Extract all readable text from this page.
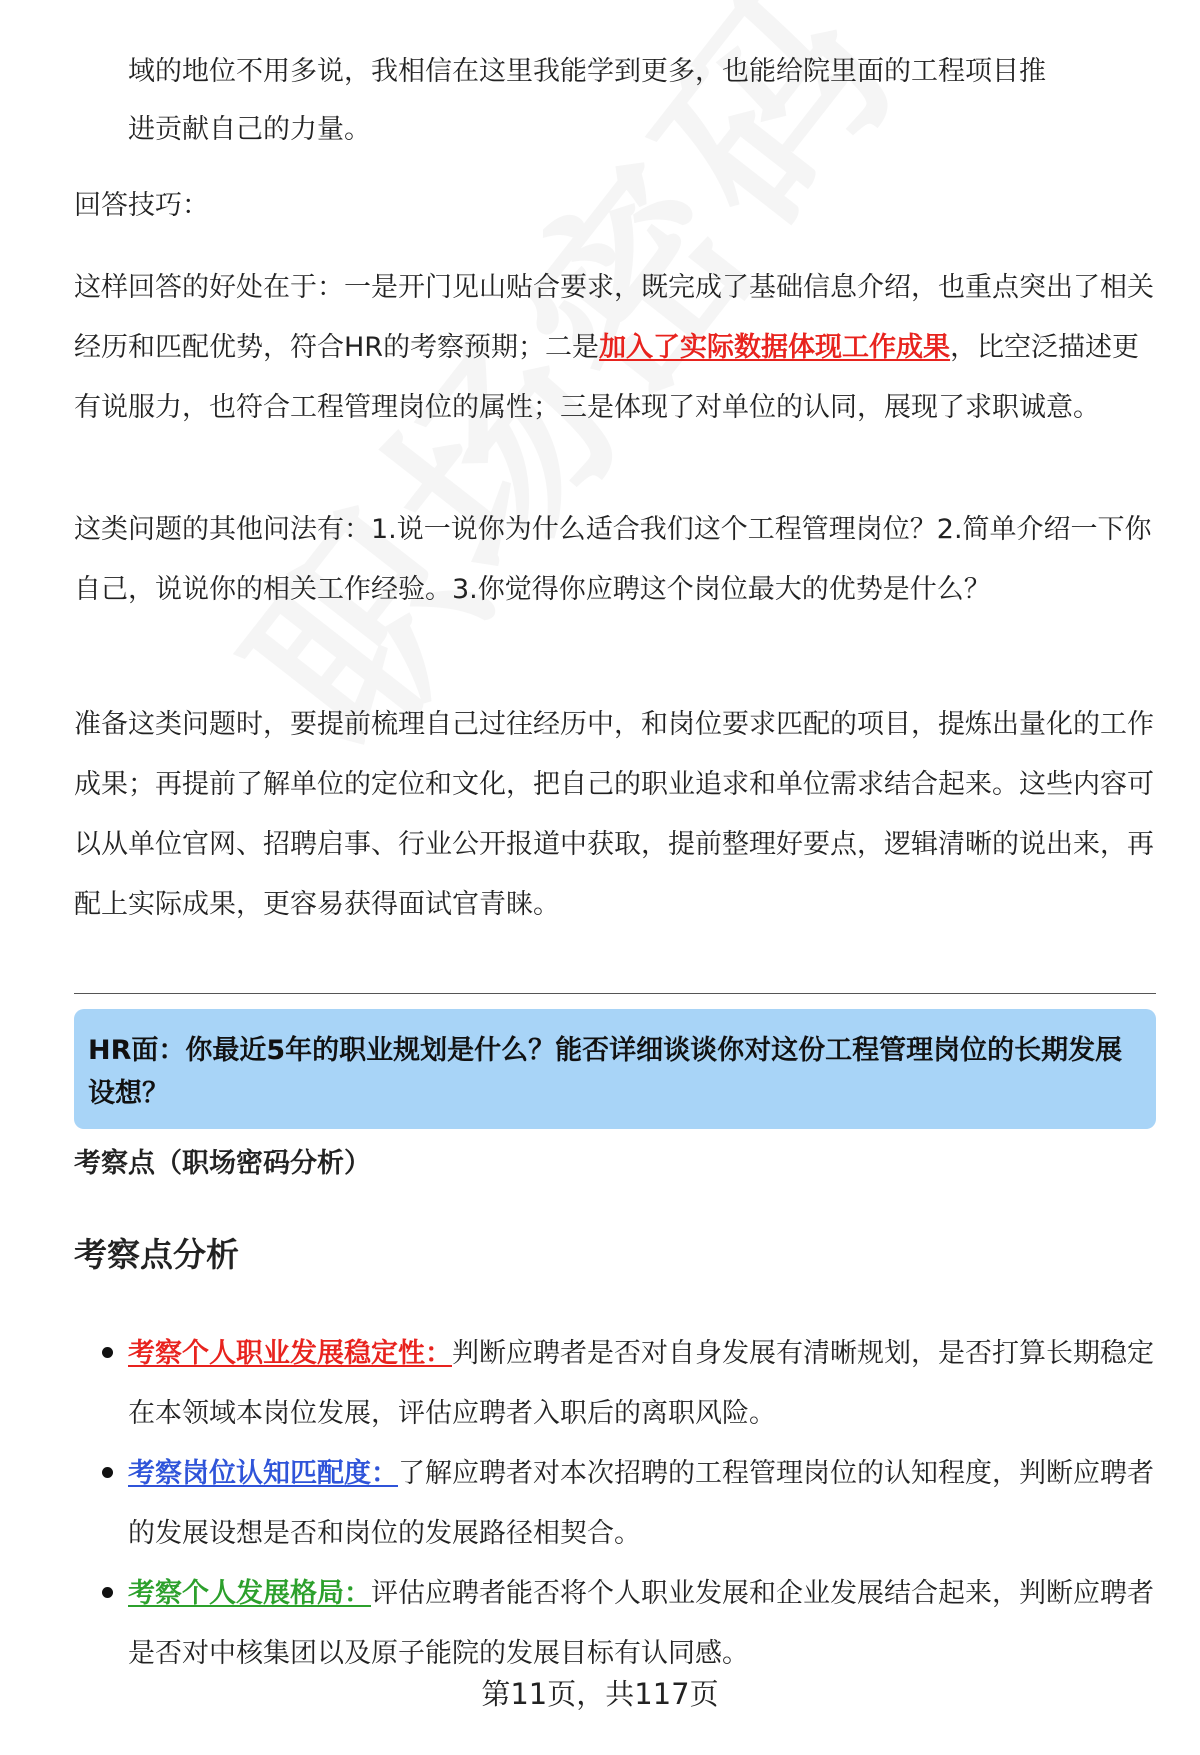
域的地位不用多说，我相信在这里我能学到更多，也能给院里面的工程项目推

进贡献自己的力量。

回答技巧：

这样回答的好处在于：一是开门见山贴合要求，既完成了基础信息介绍，也重点突出了相关经历和匹配优势，符合HR的考察预期；二是加入了实际数据体现工作成果，比空泛描述更有说服力，也符合工程管理岗位的属性；三是体现了对单位的认同，展现了求职诚意。

这类问题的其他问法有：1.说一说你为什么适合我们这个工程管理岗位？2.简单介绍一下你自己，说说你的相关工作经验。3.你觉得你应聘这个岗位最大的优势是什么？

准备这类问题时，要提前梳理自己过往经历中，和岗位要求匹配的项目，提炼出量化的工作成果；再提前了解单位的定位和文化，把自己的职业追求和单位需求结合起来。这些内容可以从单位官网、招聘启事、行业公开报道中获取，提前整理好要点，逻辑清晰的说出来，再配上实际成果，更容易获得面试官青睐。

HR面：你最近5年的职业规划是什么？能否详细谈谈你对这份工程管理岗位的长期发展设想？
考察点（职场密码分析）
考察点分析
考察个人职业发展稳定性：判断应聘者是否对自身发展有清晰规划，是否打算长期稳定在本领域本岗位发展，评估应聘者入职后的离职风险。
考察岗位认知匹配度：了解应聘者对本次招聘的工程管理岗位的认知程度，判断应聘者的发展设想是否和岗位的发展路径相契合。
考察个人发展格局：评估应聘者能否将个人职业发展和企业发展结合起来，判断应聘者是否对中核集团以及原子能院的发展目标有认同感。
第11页，共117页
